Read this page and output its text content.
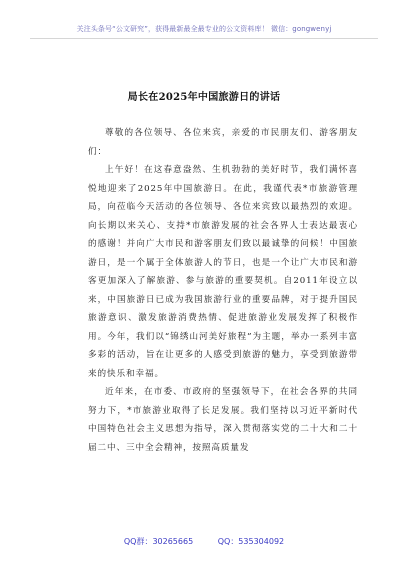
关注头条号“公文研究”，获得最新最全最专业的公文资料库！ 微信：gongwenyj
局长在2025年中国旅游日的讲话

尊敬的各位领导、各位来宾，亲爱的市民朋友们、游客朋友们：

上午好！在这春意盎然、生机勃勃的美好时节，我们满怀喜悦地迎来了2025年中国旅游日。在此，我谨代表*市旅游管理局，向莅临今天活动的各位领导、各位来宾致以最热烈的欢迎。向长期以来关心、支持*市旅游发展的社会各界人士表达最衷心的感谢！并向广大市民和游客朋友们致以最诚挚的问候！中国旅游日，是一个属于全体旅游人的节日，也是一个让广大市民和游客更加深入了解旅游、参与旅游的重要契机。自2011年设立以来，中国旅游日已成为我国旅游行业的重要品牌，对于提升国民旅游意识、激发旅游消费热情、促进旅游业发展发挥了积极作用。今年，我们以“锦绣山河美好旅程”为主题，举办一系列丰富多彩的活动，旨在让更多的人感受到旅游的魅力，享受到旅游带来的快乐和幸福。

近年来，在市委、市政府的坚强领导下，在社会各界的共同努力下，*市旅游业取得了长足发展。我们坚持以习近平新时代中国特色社会主义思想为指导，深入贯彻落实党的二十大和二十届二中、三中全会精神，按照高质量发

QQ群：30265665	QQ：535304092
